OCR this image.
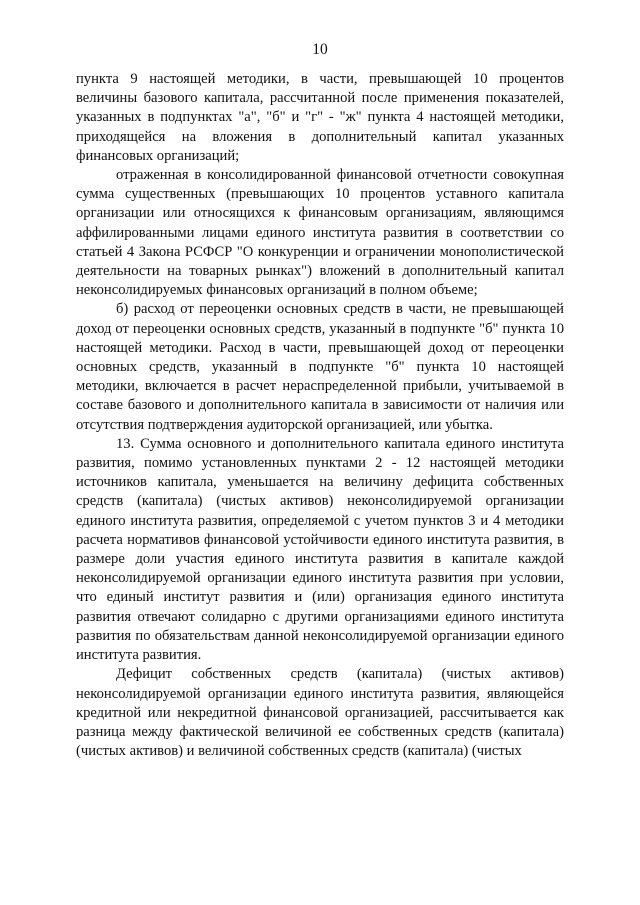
10

пункта 9 настоящей методики, в части, превышающей 10 процентов величины базового капитала, рассчитанной после применения показателей, указанных в подпунктах "а", "б" и "г" - "ж" пункта 4 настоящей методики, приходящейся на вложения в дополнительный капитал указанных финансовых организаций;

отраженная в консолидированной финансовой отчетности совокупная сумма существенных (превышающих 10 процентов уставного капитала организации или относящихся к финансовым организациям, являющимся аффилированными лицами единого института развития в соответствии со статьей 4 Закона РСФСР "О конкуренции и ограничении монополистической деятельности на товарных рынках") вложений в дополнительный капитал неконсолидируемых финансовых организаций в полном объеме;

б) расход от переоценки основных средств в части, не превышающей доход от переоценки основных средств, указанный в подпункте "б" пункта 10 настоящей методики. Расход в части, превышающей доход от переоценки основных средств, указанный в подпункте "б" пункта 10 настоящей методики, включается в расчет нераспределенной прибыли, учитываемой в составе базового и дополнительного капитала в зависимости от наличия или отсутствия подтверждения аудиторской организацией, или убытка.

13. Сумма основного и дополнительного капитала единого института развития, помимо установленных пунктами 2 - 12 настоящей методики источников капитала, уменьшается на величину дефицита собственных средств (капитала) (чистых активов) неконсолидируемой организации единого института развития, определяемой с учетом пунктов 3 и 4 методики расчета нормативов финансовой устойчивости единого института развития, в размере доли участия единого института развития в капитале каждой неконсолидируемой организации единого института развития при условии, что единый институт развития и (или) организация единого института развития отвечают солидарно с другими организациями единого института развития по обязательствам данной неконсолидируемой организации единого института развития.

Дефицит собственных средств (капитала) (чистых активов) неконсолидируемой организации единого института развития, являющейся кредитной или некредитной финансовой организацией, рассчитывается как разница между фактической величиной ее собственных средств (капитала) (чистых активов) и величиной собственных средств (капитала) (чистых
